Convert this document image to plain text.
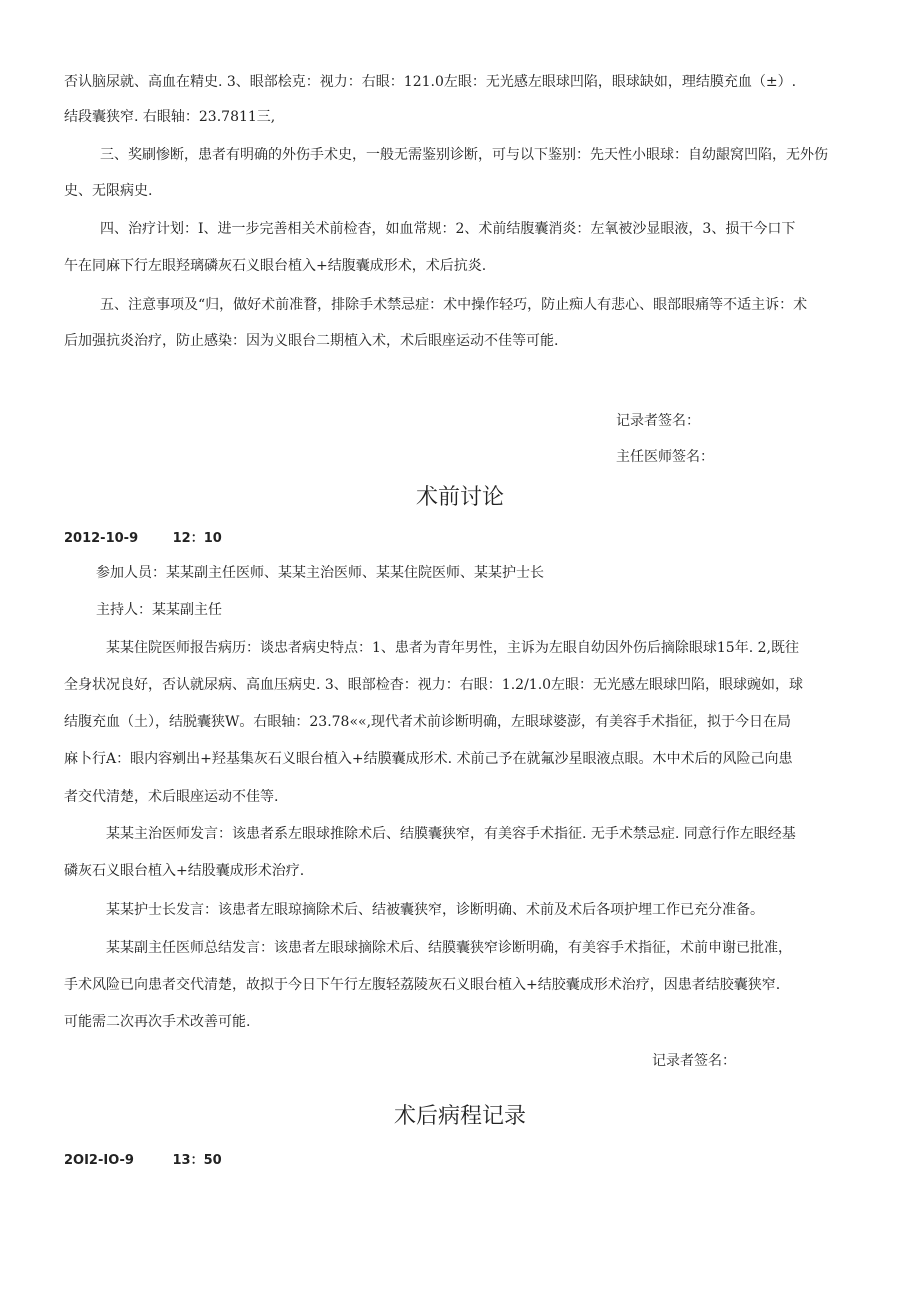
否认脑尿就、高血在精史. 3、眼部桧克：视力：右眼：121.0左眼：无光感左眼球凹陷，眼球缺如，理结膜充血（±）.
结段囊狭窄. 右眼轴：23.7811三,
三、奖刷惨断，患者有明确的外伤手术史，一般无需鉴别诊断，可与以下鉴别：先天性小眼球：自幼龈窝凹陷，无外伤
史、无限病史.
四、治疗计划：I、进一步完善相关术前检杳，如血常规：2、术前结腹囊消炎：左氧被沙显眼液，3、损干今口下
午在同麻下行左眼羟璃磷灰石义眼台植入+结腹囊成形术，术后抗炎.
五、注意事项及“归，做好术前准瞀，排除手术禁忌症：术中操作轻巧，防止痴人有悲心、眼部眼痛等不适主诉：术
后加强抗炎治疗，防止感染：因为义眼台二期植入术，术后眼座运动不佳等可能.
记录者签名：
主任医师签名：
术前讨论
2012-10-9	12：10
参加人员：某某副主任医师、某某主治医师、某某住院医师、某某护士长
主持人：某某副主任
某某住院医师报告病历：谈忠者病史特点：1、患者为青年男性，主诉为左眼自幼因外伤后摘除眼球15年. 2,既往
全身状况良好，否认就尿病、高血压病史. 3、眼部检杳：视力：右眼：1.2/1.0左眼：无光感左眼球凹陷，眼球豌如，球
结腹充血（土），结脱囊狭W。右眼轴：23.78««,现代者术前诊断明确，左眼球婆澎，有美容手术指征，拟于今日在局
麻卜行A：眼内容剜出+羟基集灰石义眼台植入+结膜囊成形术. 术前己予在就氟沙星眼液点眼。木中术后的风险己向患
者交代清楚，术后眼座运动不佳等.
某某主治医师发言：该患者系左眼球推除术后、结膜囊狭窄，有美容手术指征. 无手术禁忌症. 同意行作左眼经基
磷灰石义眼台植入+结股囊成形术治疗.
某某护士长发言：该患者左眼琼摘除术后、结被囊狭窄，诊断明确、术前及术后各项护埋工作已充分准备。
某某副主任医师总结发言：该患者左眼球摘除术后、结膜囊狭窄诊断明确，有美容手术指征，术前申谢已批准，
手术风险已向患者交代清楚，故拟于今日下午行左腹轻荔陵灰石义眼台植入+结胶囊成形术治疗，因患者结胶囊狭窄.
可能需二次再次手术改善可能.
记录者签名：
术后病程记录
2OI2-IO-9	13：50
